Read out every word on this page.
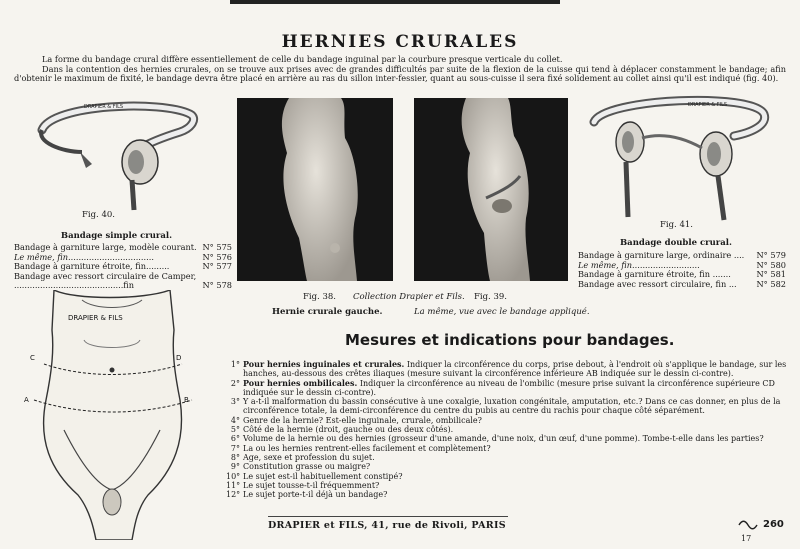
HERNIES CRURALES

La forme du bandage crural diffère essentiellement de celle du bandage inguinal par la courbure presque verticale du collet.

Dans la contention des hernies crurales, on se trouve aux prises avec de grandes difficultés par suite de la flexion de la cuisse qui tend à déplacer constamment le bandage; afin d'obtenir le maximum de fixité, le bandage devra être placé en arrière au ras du sillon inter-fessier, quant au sous-cuisse il sera fixé solidement au collet ainsi qu'il est indiqué (fig. 40).

DRAPIER & FILS
Fig. 40.
Bandage simple crural.
Bandage à garniture large, modèle courant. N° 575
Le même, fin.................................	N° 576
Bandage à garniture étroite, fin.........	N° 577
Bandage avec ressort circulaire de Camper,
..........................................fin	N° 578
Fig. 38. Collection Drapier et Fils. Fig. 39.
Hernie crurale gauche.	La même, vue avec le bandage appliqué.
DRAPIER & FILS
Fig. 41.
Bandage double crural.
Bandage à garniture large, ordinaire .... N° 579
Le même, fin..........................	N° 580
Bandage à garniture étroite, fin .......	N° 581
Bandage avec ressort circulaire, fin ... N° 582
DRAPIER & FILS
C	D
A	B
Mesures et indications pour bandages.
1° Pour hernies inguinales et crurales. Indiquer la circonférence du corps, prise debout, à l'endroit où s'applique le bandage, sur les hanches, au-dessous des crêtes iliaques (mesure suivant la circonférence inférieure AB indiquée sur le dessin ci-contre).
2° Pour hernies ombilicales. Indiquer la circonférence au niveau de l'ombilic (mesure prise suivant la circonférence supérieure CD indiquée sur le dessin ci-contre).
3° Y a-t-il malformation du bassin consécutive à une coxalgie, luxation congénitale, amputation, etc.? Dans ce cas donner, en plus de la circonférence totale, la demi-circonférence du centre du pubis au centre du rachis pour chaque côté séparément.
4° Genre de la hernie? Est-elle inguinale, crurale, ombilicale?
5° Côté de la hernie (droit, gauche ou des deux côtés).
6° Volume de la hernie ou des hernies (grosseur d'une amande, d'une noix, d'un œuf, d'une pomme). Tombe-t-elle dans les parties?
7° La ou les hernies rentrent-elles facilement et complètement?
8° Age, sexe et profession du sujet.
9° Constitution grasse ou maigre?
10° Le sujet est-il habituellement constipé?
11° Le sujet tousse-t-il fréquemment?
12° Le sujet porte-t-il déjà un bandage?
DRAPIER et FILS, 41, rue de Rivoli, PARIS	260
17
